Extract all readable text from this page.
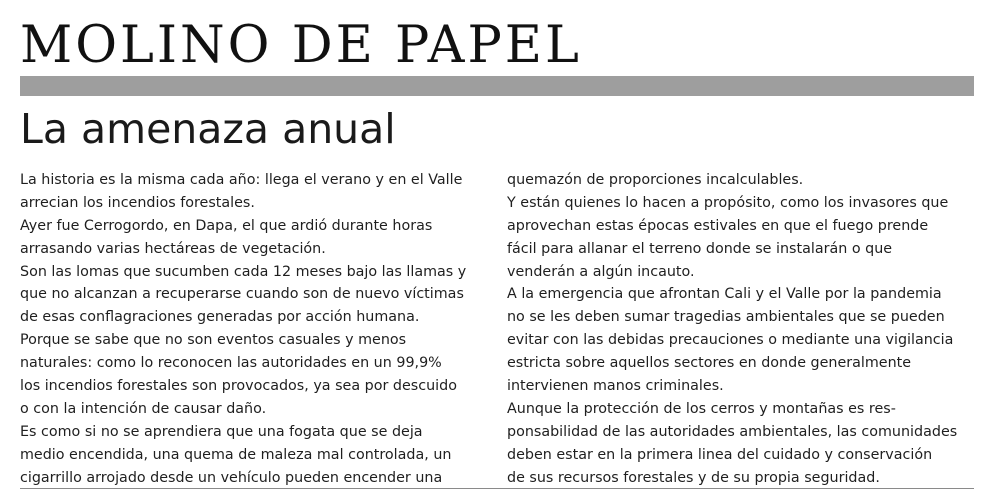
MOLINO DE PAPEL
La amenaza anual
La historia es la misma cada año: llega el verano y en el Valle
arrecian los incendios forestales.
Ayer fue Cerrogordo, en Dapa, el que ardió durante horas
arrasando varias hectáreas de vegetación.
Son las lomas que sucumben cada 12 meses bajo las llamas y
que no alcanzan a recuperarse cuando son de nuevo víctimas
de esas conflagraciones generadas por acción humana.
Porque se sabe que no son eventos casuales y menos
naturales: como lo reconocen las autoridades en un 99,9%
los incendios forestales son provocados, ya sea por descuido
o con la intención de causar daño.
Es como si no se aprendiera que una fogata que se deja
medio encendida, una quema de maleza mal controlada, un
cigarrillo arrojado desde un vehículo pueden encender una
quemazón de proporciones incalculables.
Y están quienes lo hacen a propósito, como los invasores que
aprovechan estas épocas estivales en que el fuego prende
fácil para allanar el terreno donde se instalarán o que
venderán a algún incauto.
A la emergencia que afrontan Cali y el Valle por la pandemia
no se les deben sumar tragedias ambientales que se pueden
evitar con las debidas precauciones o mediante una vigilancia
estricta sobre aquellos sectores en donde generalmente
intervienen manos criminales.
Aunque la protección de los cerros y montañas es res-
ponsabilidad de las autoridades ambientales, las comunidades
deben estar en la primera linea del cuidado y conservación
de sus recursos forestales y de su propia seguridad.
